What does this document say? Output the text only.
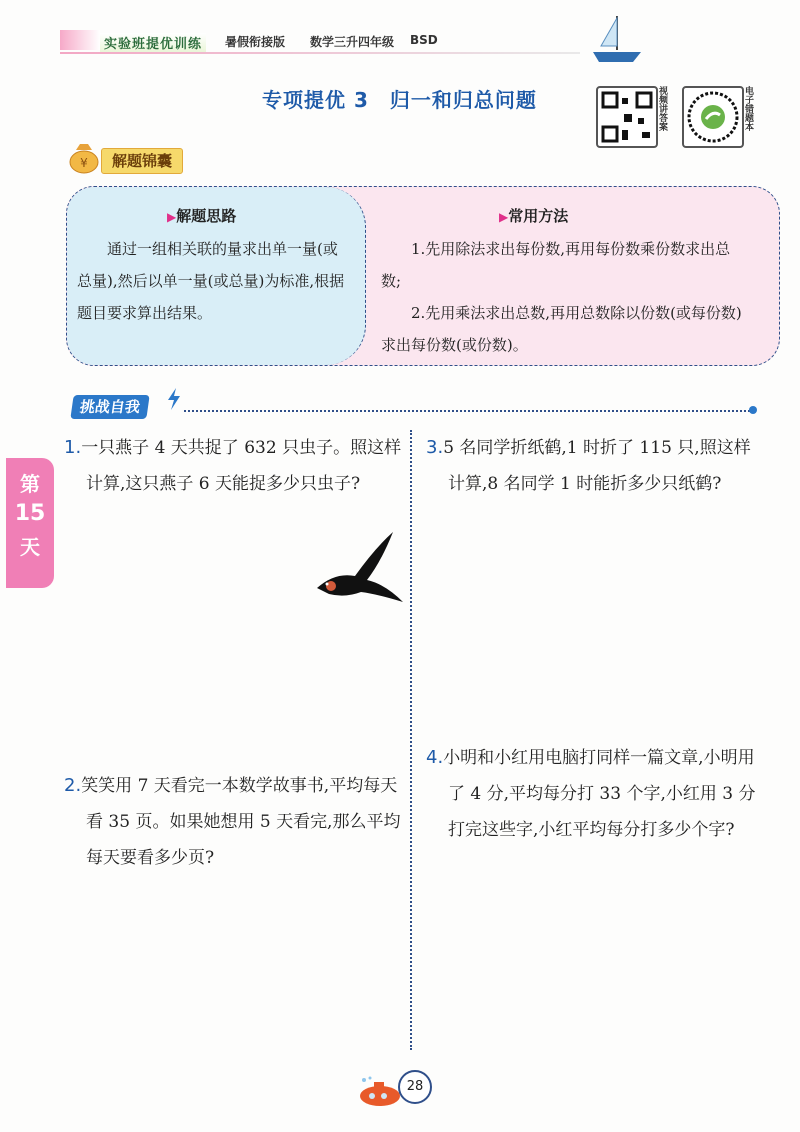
实验班提优训练	暑假衔接版 数学三升四年级 BSD
专项提优 3　归一和归总问题	视频讲答案	电子错题本
¥	解题锦囊
▶解题思路
通过一组相关联的量求出单一量(或总量),然后以单一量(或总量)为标准,根据题目要求算出结果。
▶常用方法
1.先用除法求出每份数,再用每份数乘份数求出总数;
2.先用乘法求出总数,再用总数除以份数(或每份数)求出每份数(或份数)。
挑战自我
1.一只燕子 4 天共捉了 632 只虫子。照这样计算,这只燕子 6 天能捉多少只虫子?
2.笑笑用 7 天看完一本数学故事书,平均每天看 35 页。如果她想用 5 天看完,那么平均每天要看多少页?
3.5 名同学折纸鹤,1 时折了 115 只,照这样计算,8 名同学 1 时能折多少只纸鹤?
4.小明和小红用电脑打同样一篇文章,小明用了 4 分,平均每分打 33 个字,小红用 3 分打完这些字,小红平均每分打多少个字?
第
15
天
28
